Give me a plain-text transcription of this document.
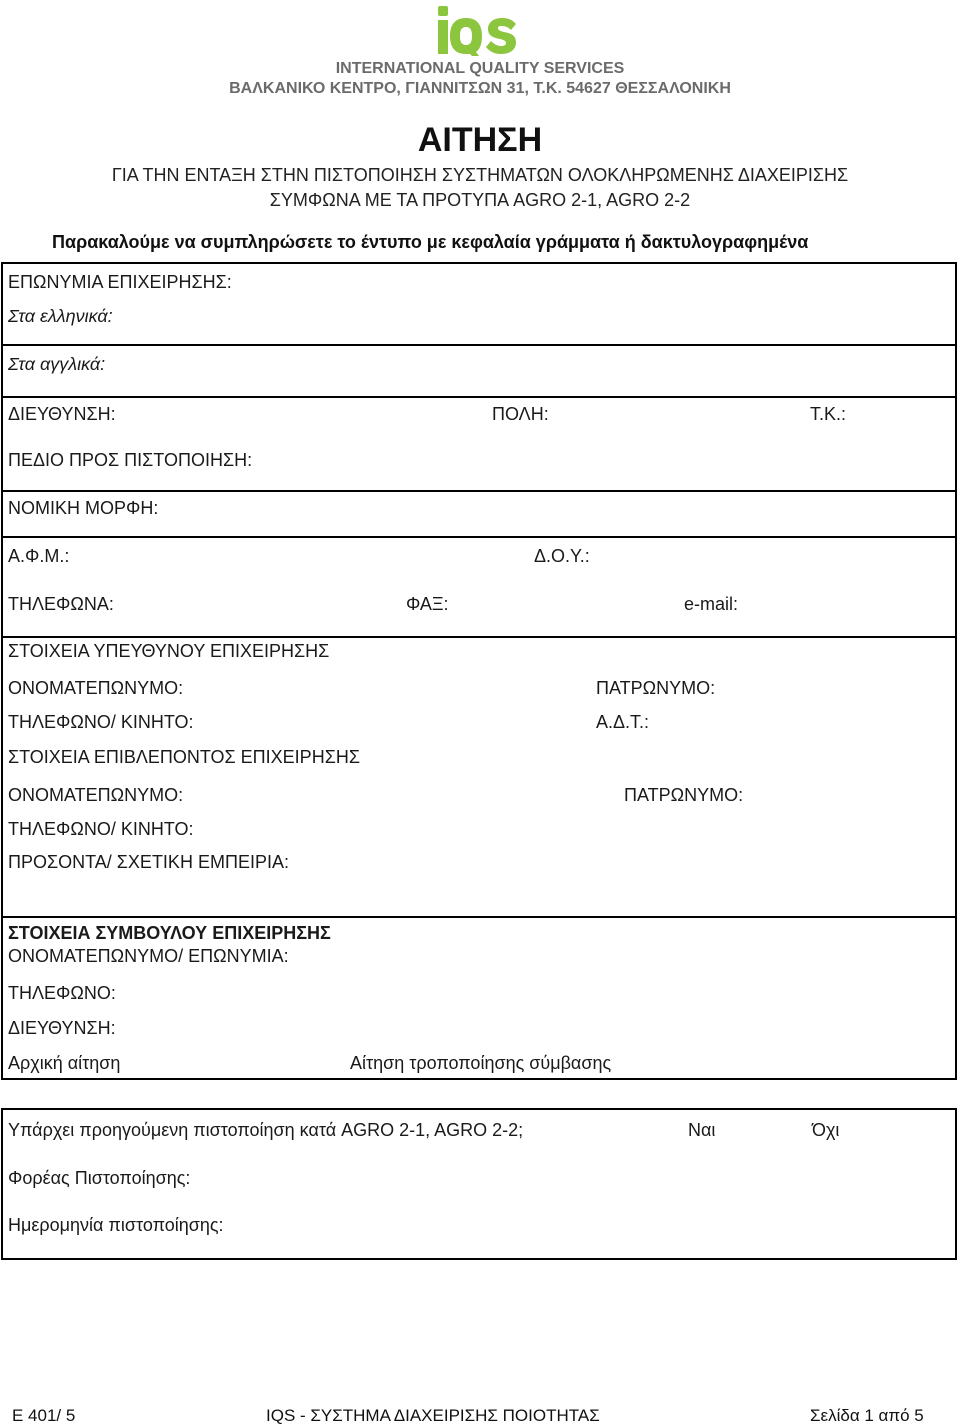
INTERNATIONAL QUALITY SERVICES
ΒΑΛΚΑΝΙΚΟ ΚΕΝΤΡΟ, ΓΙΑΝΝΙΤΣΩΝ 31, Τ.Κ. 54627 ΘΕΣΣΑΛΟΝΙΚΗ
ΑΙΤΗΣΗ
ΓΙΑ ΤΗΝ ΕΝΤΑΞΗ ΣΤΗΝ ΠΙΣΤΟΠΟΙΗΣΗ ΣΥΣΤΗΜΑΤΩΝ ΟΛΟΚΛΗΡΩΜΕΝΗΣ ΔΙΑΧΕΙΡΙΣΗΣ
ΣΥΜΦΩΝΑ ΜΕ ΤΑ ΠΡΟΤΥΠΑ AGRO 2-1, AGRO 2-2
Παρακαλούμε να συμπληρώσετε το έντυπο με κεφαλαία γράμματα ή δακτυλογραφημένα
ΕΠΩΝΥΜΙΑ ΕΠΙΧΕΙΡΗΣΗΣ:
Στα ελληνικά:
Στα αγγλικά:
ΔΙΕΥΘΥΝΣΗ:	ΠΟΛΗ:	Τ.Κ.:
ΠΕΔΙΟ ΠΡΟΣ ΠΙΣΤΟΠΟΙΗΣΗ:
ΝΟΜΙΚΗ ΜΟΡΦΗ:
Α.Φ.Μ.:	Δ.Ο.Υ.:
ΤΗΛΕΦΩΝΑ:	ΦΑΞ:	e-mail:
ΣΤΟΙΧΕΙΑ ΥΠΕΥΘΥΝΟΥ ΕΠΙΧΕΙΡΗΣΗΣ
ΟΝΟΜΑΤΕΠΩΝΥΜΟ:	ΠΑΤΡΩΝΥΜΟ:
ΤΗΛΕΦΩΝΟ/ ΚΙΝΗΤΟ:	Α.Δ.Τ.:
ΣΤΟΙΧΕΙΑ ΕΠΙΒΛΕΠΟΝΤΟΣ ΕΠΙΧΕΙΡΗΣΗΣ
ΟΝΟΜΑΤΕΠΩΝΥΜΟ:	ΠΑΤΡΩΝΥΜΟ:
ΤΗΛΕΦΩΝΟ/ ΚΙΝΗΤΟ:
ΠΡΟΣΟΝΤΑ/ ΣΧΕΤΙΚΗ ΕΜΠΕΙΡΙΑ:
ΣΤΟΙΧΕΙΑ ΣΥΜΒΟΥΛΟΥ ΕΠΙΧΕΙΡΗΣΗΣ
ΟΝΟΜΑΤΕΠΩΝΥΜΟ/ ΕΠΩΝΥΜΙΑ:
ΤΗΛΕΦΩΝΟ:
ΔΙΕΥΘΥΝΣΗ:
Αρχική αίτηση	Αίτηση τροποποίησης σύμβασης
Υπάρχει προηγούμενη πιστοποίηση κατά AGRO 2-1, AGRO 2-2;	Ναι	Όχι
Φορέας Πιστοποίησης:
Ημερομηνία πιστοποίησης:
Ε 401/ 5	IQS - ΣΥΣΤΗΜΑ ΔΙΑΧΕΙΡΙΣΗΣ ΠΟΙΟΤΗΤΑΣ	Σελίδα 1 από 5
